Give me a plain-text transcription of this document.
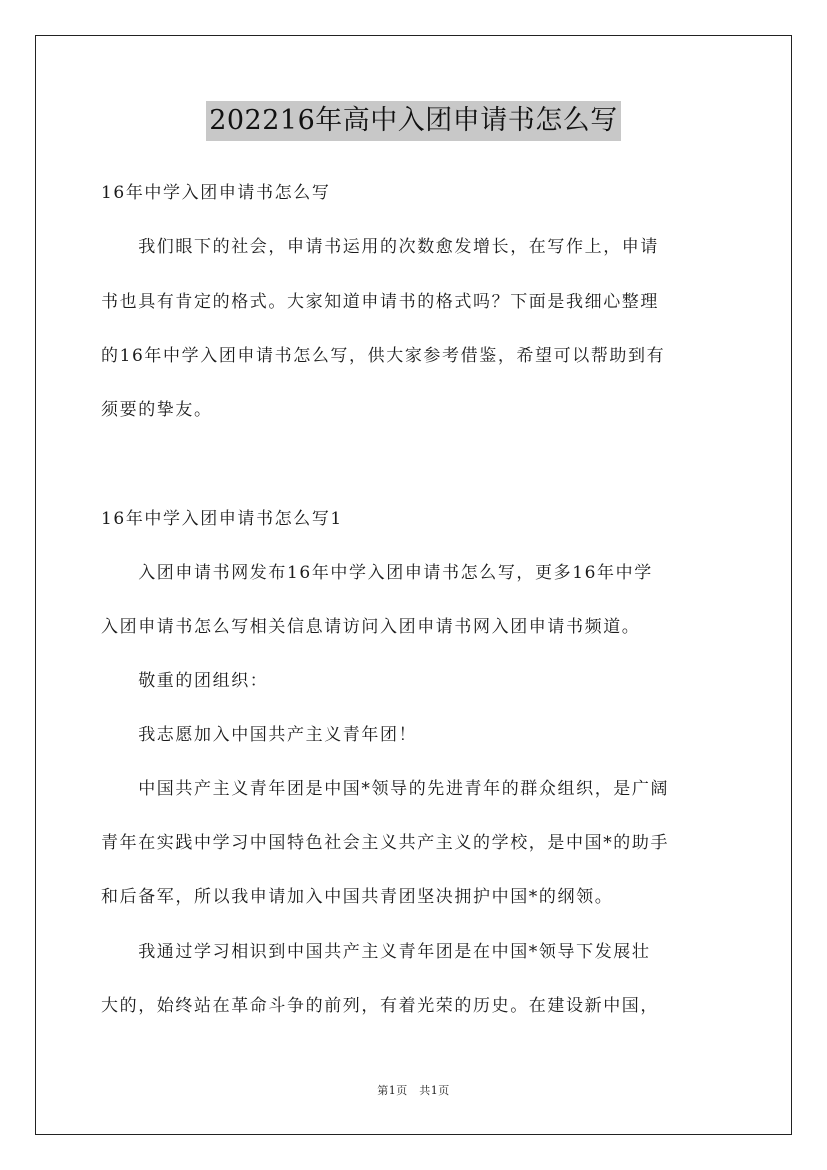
202216年高中入团申请书怎么写
16年中学入团申请书怎么写
　　我们眼下的社会，申请书运用的次数愈发增长，在写作上，申请
书也具有肯定的格式。大家知道申请书的格式吗？下面是我细心整理
的16年中学入团申请书怎么写，供大家参考借鉴，希望可以帮助到有
须要的挚友。
16年中学入团申请书怎么写1
　　入团申请书网发布16年中学入团申请书怎么写，更多16年中学
入团申请书怎么写相关信息请访问入团申请书网入团申请书频道。
　　敬重的团组织：
　　我志愿加入中国共产主义青年团！
　　中国共产主义青年团是中国*领导的先进青年的群众组织，是广阔
青年在实践中学习中国特色社会主义共产主义的学校，是中国*的助手
和后备军，所以我申请加入中国共青团坚决拥护中国*的纲领。
　　我通过学习相识到中国共产主义青年团是在中国*领导下发展壮
大的，始终站在革命斗争的前列，有着光荣的历史。在建设新中国，
第1页　共1页
